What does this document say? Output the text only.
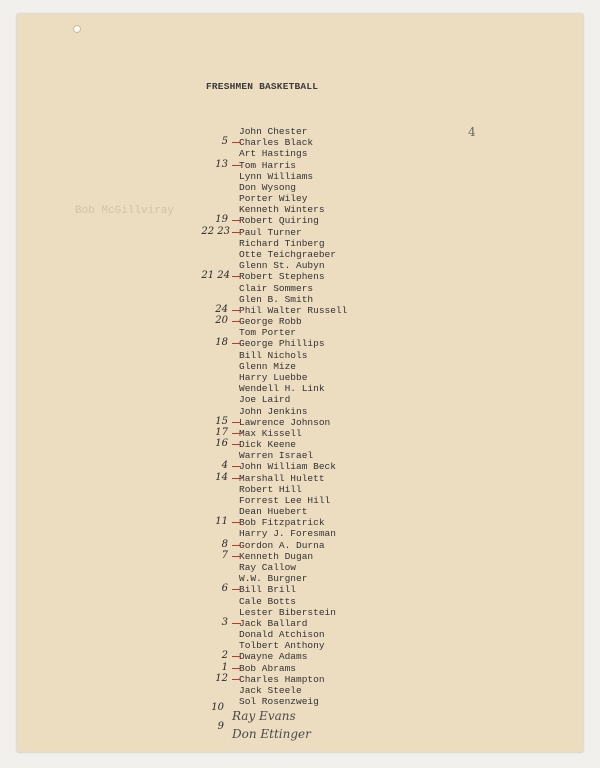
FRESHMEN BASKETBALL
4
Bob McGillviray
John Chester
Charles Black
5
Art Hastings
Tom Harris
13
Lynn Williams
Don Wysong
Porter Wiley
Kenneth Winters
Robert Quiring
19
Paul Turner
22 23
Richard Tinberg
Otte Teichgraeber
Glenn St. Aubyn
Robert Stephens
21 24
Clair Sommers
Glen B. Smith
Phil Walter Russell
24
George Robb
20
Tom Porter
George Phillips
18
Bill Nichols
Glenn Mize
Harry Luebbe
Wendell H. Link
Joe Laird
John Jenkins
Lawrence Johnson
15
Max Kissell
17
Dick Keene
16
Warren Israel
John William Beck
4
Marshall Hulett
14
Robert Hill
Forrest Lee Hill
Dean Huebert
Bob Fitzpatrick
11
Harry J. Foresman
Gordon A. Durna
8
Kenneth Dugan
7
Ray Callow
W.W. Burgner
Bill Brill
6
Cale Botts
Lester Biberstein
Jack Ballard
3
Donald Atchison
Tolbert Anthony
Dwayne Adams
2
Bob Abrams
1
Charles Hampton
12
Jack Steele
Sol Rosenzweig
10
Ray Evans
9
Don Ettinger
